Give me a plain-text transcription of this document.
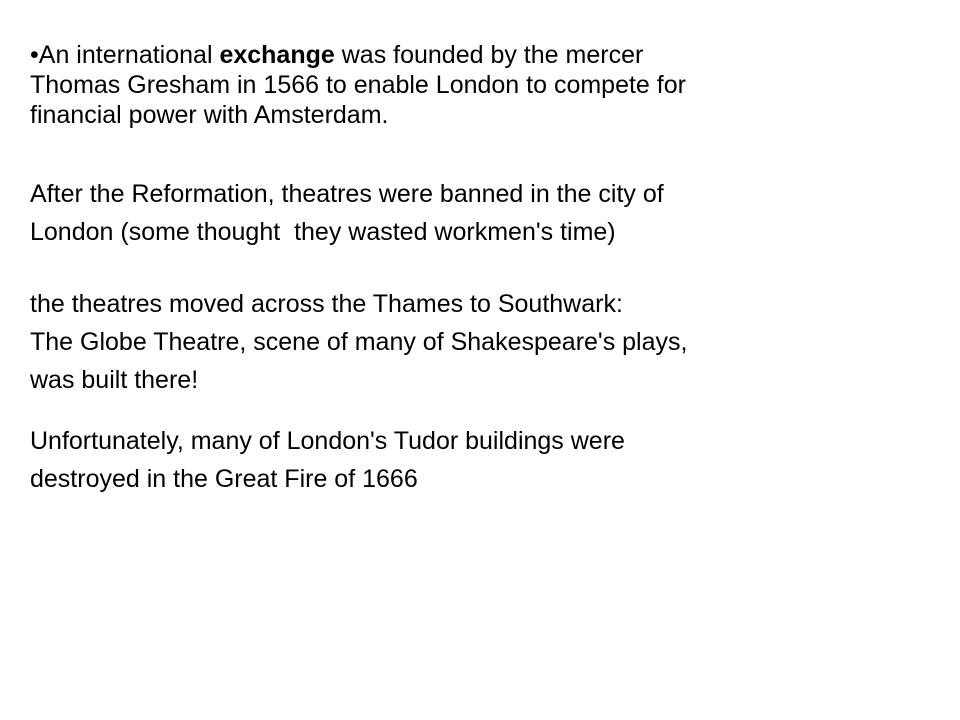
•An international exchange was founded by the mercer
Thomas Gresham in 1566 to enable London to compete for
financial power with Amsterdam.
After the Reformation, theatres were banned in the city of
London (some thought  they wasted workmen's time)
the theatres moved across the Thames to Southwark:
The Globe Theatre, scene of many of Shakespeare's plays,
was built there!
Unfortunately, many of London's Tudor buildings were
destroyed in the Great Fire of 1666
